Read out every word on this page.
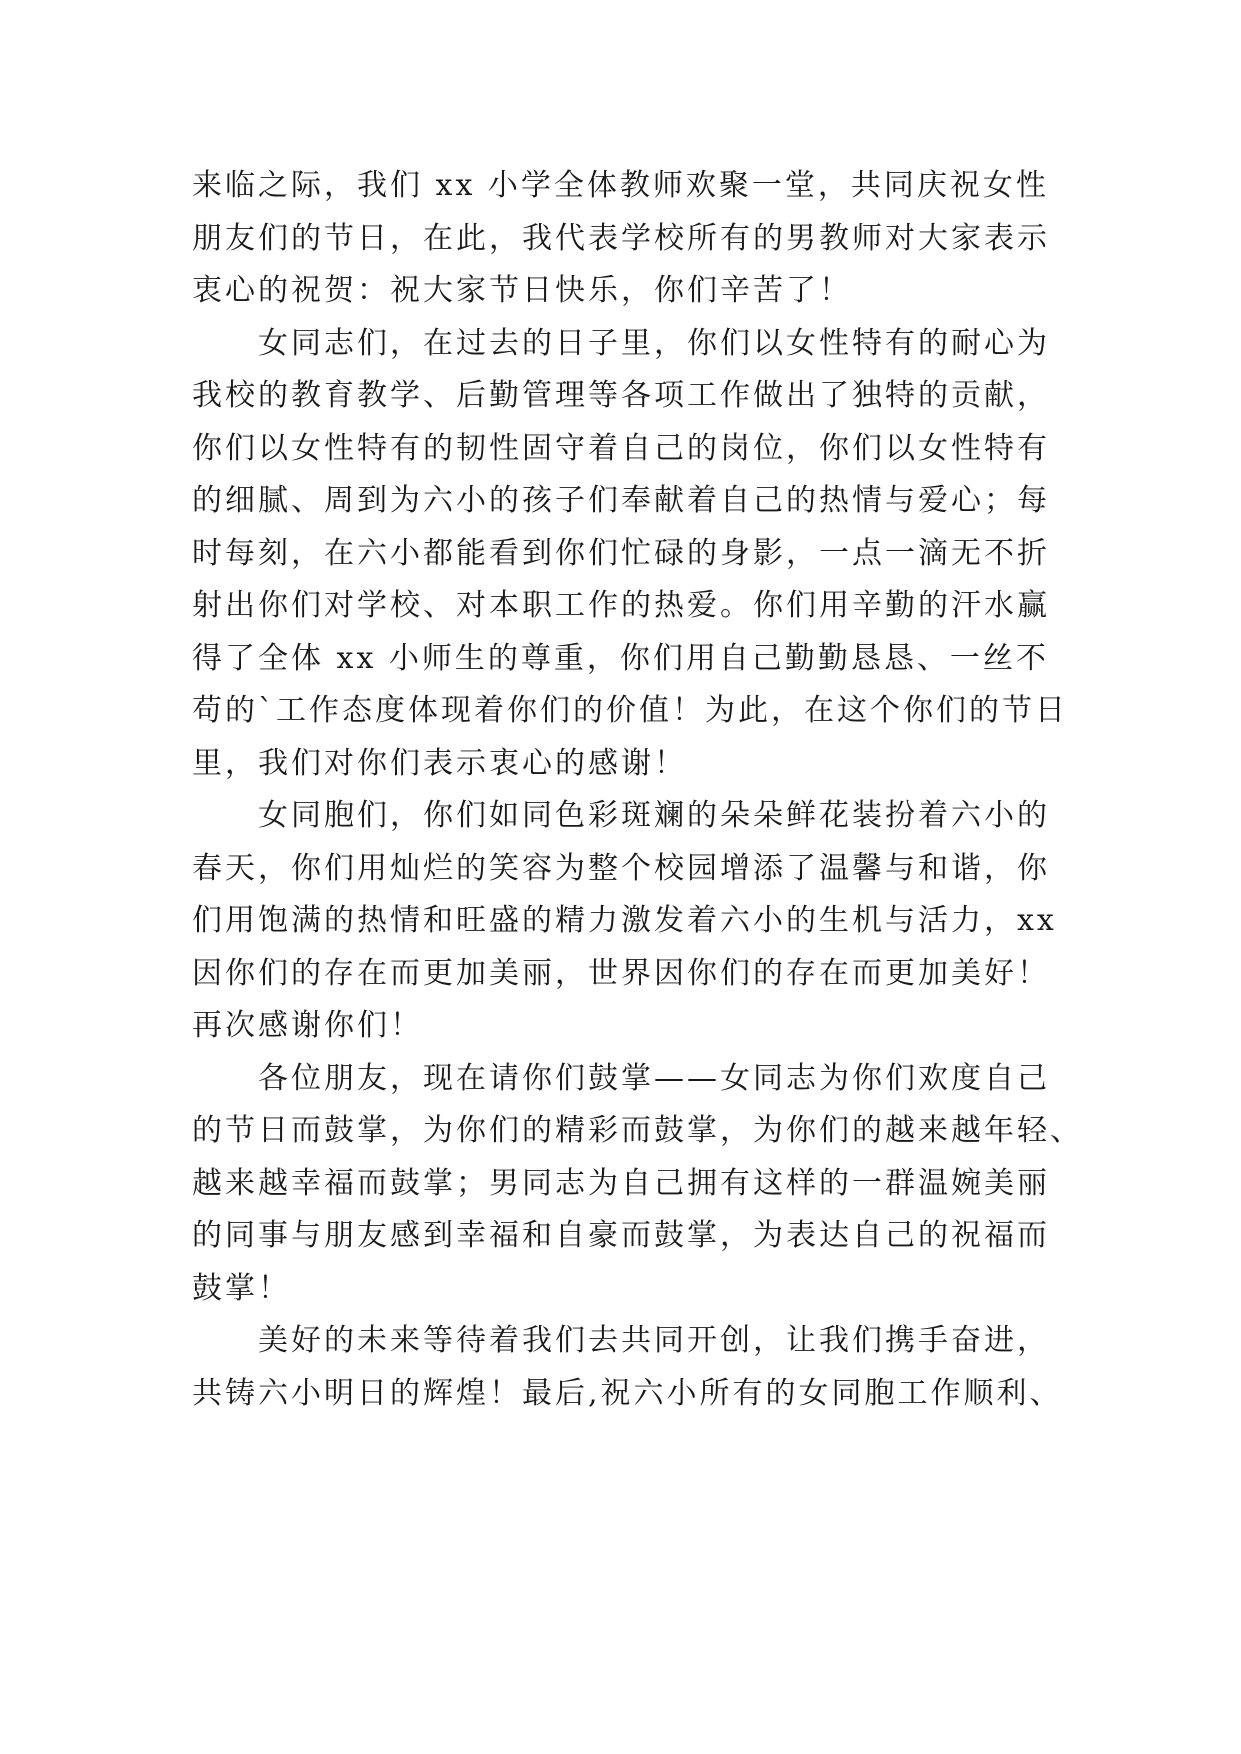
来临之际，我们 xx 小学全体教师欢聚一堂，共同庆祝女性
朋友们的节日，在此，我代表学校所有的男教师对大家表示
衷心的祝贺：祝大家节日快乐，你们辛苦了！
女同志们，在过去的日子里，你们以女性特有的耐心为
我校的教育教学、后勤管理等各项工作做出了独特的贡献，
你们以女性特有的韧性固守着自己的岗位，你们以女性特有
的细腻、周到为六小的孩子们奉献着自己的热情与爱心；每
时每刻，在六小都能看到你们忙碌的身影，一点一滴无不折
射出你们对学校、对本职工作的热爱。你们用辛勤的汗水赢
得了全体 xx 小师生的尊重，你们用自己勤勤恳恳、一丝不
苟的`工作态度体现着你们的价值！为此，在这个你们的节日
里，我们对你们表示衷心的感谢！
女同胞们，你们如同色彩斑斓的朵朵鲜花装扮着六小的
春天，你们用灿烂的笑容为整个校园增添了温馨与和谐，你
们用饱满的热情和旺盛的精力激发着六小的生机与活力，xx
因你们的存在而更加美丽，世界因你们的存在而更加美好！
再次感谢你们！
各位朋友，现在请你们鼓掌——女同志为你们欢度自己
的节日而鼓掌，为你们的精彩而鼓掌，为你们的越来越年轻、
越来越幸福而鼓掌；男同志为自己拥有这样的一群温婉美丽
的同事与朋友感到幸福和自豪而鼓掌，为表达自己的祝福而
鼓掌！
美好的未来等待着我们去共同开创，让我们携手奋进，
共铸六小明日的辉煌！最后,祝六小所有的女同胞工作顺利、
